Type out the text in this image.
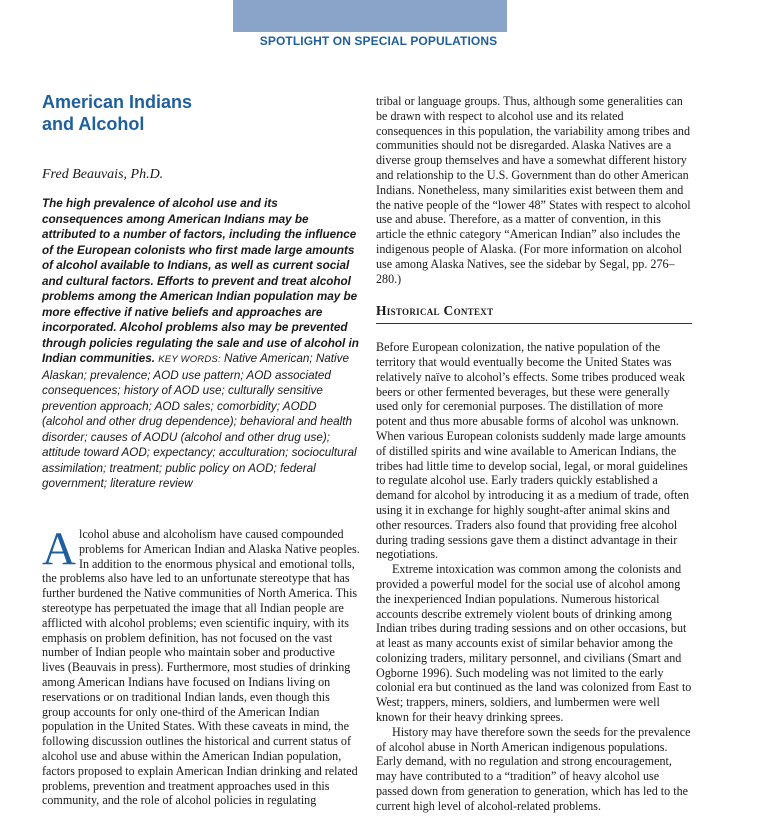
SPOTLIGHT ON SPECIAL POPULATIONS
American Indians
and Alcohol
Fred Beauvais, Ph.D.

The high prevalence of alcohol use and its consequences among American Indians may be attributed to a number of factors, including the influence of the European colonists who first made large amounts of alcohol available to Indians, as well as current social and cultural factors. Efforts to prevent and treat alcohol problems among the American Indian population may be more effective if native beliefs and approaches are incorporated. Alcohol problems also may be prevented through policies regulating the sale and use of alcohol in Indian communities. KEY WORDS: Native American; Native Alaskan; prevalence; AOD use pattern; AOD associated consequences; history of AOD use; culturally sensitive prevention approach; AOD sales; comorbidity; AODD (alcohol and other drug dependence); behavioral and health disorder; causes of AODU (alcohol and other drug use); attitude toward AOD; expectancy; acculturation; sociocultural assimilation; treatment; public policy on AOD; federal government; literature review

Alcohol abuse and alcoholism have caused compounded problems for American Indian and Alaska Native peoples. In addition to the enormous physical and emotional tolls, the problems also have led to an unfortunate stereotype that has further burdened the Native communities of North America. This stereotype has perpetuated the image that all Indian people are afflicted with alcohol problems; even scientific inquiry, with its emphasis on problem definition, has not focused on the vast number of Indian people who maintain sober and productive lives (Beauvais in press). Furthermore, most studies of drinking among American Indians have focused on Indians living on reservations or on traditional Indian lands, even though this group accounts for only one-third of the American Indian population in the United States. With these caveats in mind, the following discussion outlines the historical and current status of alcohol use and abuse within the American Indian population, factors proposed to explain American Indian drinking and related problems, prevention and treatment approaches used in this community, and the role of alcohol policies in regulating

tribal or language groups. Thus, although some generalities can be drawn with respect to alcohol use and its related consequences in this population, the variability among tribes and communities should not be disregarded. Alaska Natives are a diverse group themselves and have a somewhat different history and relationship to the U.S. Government than do other American Indians. Nonetheless, many similarities exist between them and the native people of the “lower 48” States with respect to alcohol use and abuse. Therefore, as a matter of convention, in this article the ethnic category “American Indian” also includes the indigenous people of Alaska. (For more information on alcohol use among Alaska Natives, see the sidebar by Segal, pp. 276–280.)

Historical Context

Before European colonization, the native population of the territory that would eventually become the United States was relatively naïve to alcohol’s effects. Some tribes produced weak beers or other fermented beverages, but these were generally used only for ceremonial purposes. The distillation of more potent and thus more abusable forms of alcohol was unknown. When various European colonists suddenly made large amounts of distilled spirits and wine available to American Indians, the tribes had little time to develop social, legal, or moral guidelines to regulate alcohol use. Early traders quickly established a demand for alcohol by introducing it as a medium of trade, often using it in exchange for highly sought-after animal skins and other resources. Traders also found that providing free alcohol during trading sessions gave them a distinct advantage in their negotiations.

Extreme intoxication was common among the colonists and provided a powerful model for the social use of alcohol among the inexperienced Indian populations. Numerous historical accounts describe extremely violent bouts of drinking among Indian tribes during trading sessions and on other occasions, but at least as many accounts exist of similar behavior among the colonizing traders, military personnel, and civilians (Smart and Ogborne 1996). Such modeling was not limited to the early colonial era but continued as the land was colonized from East to West; trappers, miners, soldiers, and lumbermen were well known for their heavy drinking sprees.

History may have therefore sown the seeds for the prevalence of alcohol abuse in North American indigenous populations. Early demand, with no regulation and strong encouragement, may have contributed to a “tradition” of heavy alcohol use passed down from generation to generation, which has led to the current high level of alcohol-related problems.
